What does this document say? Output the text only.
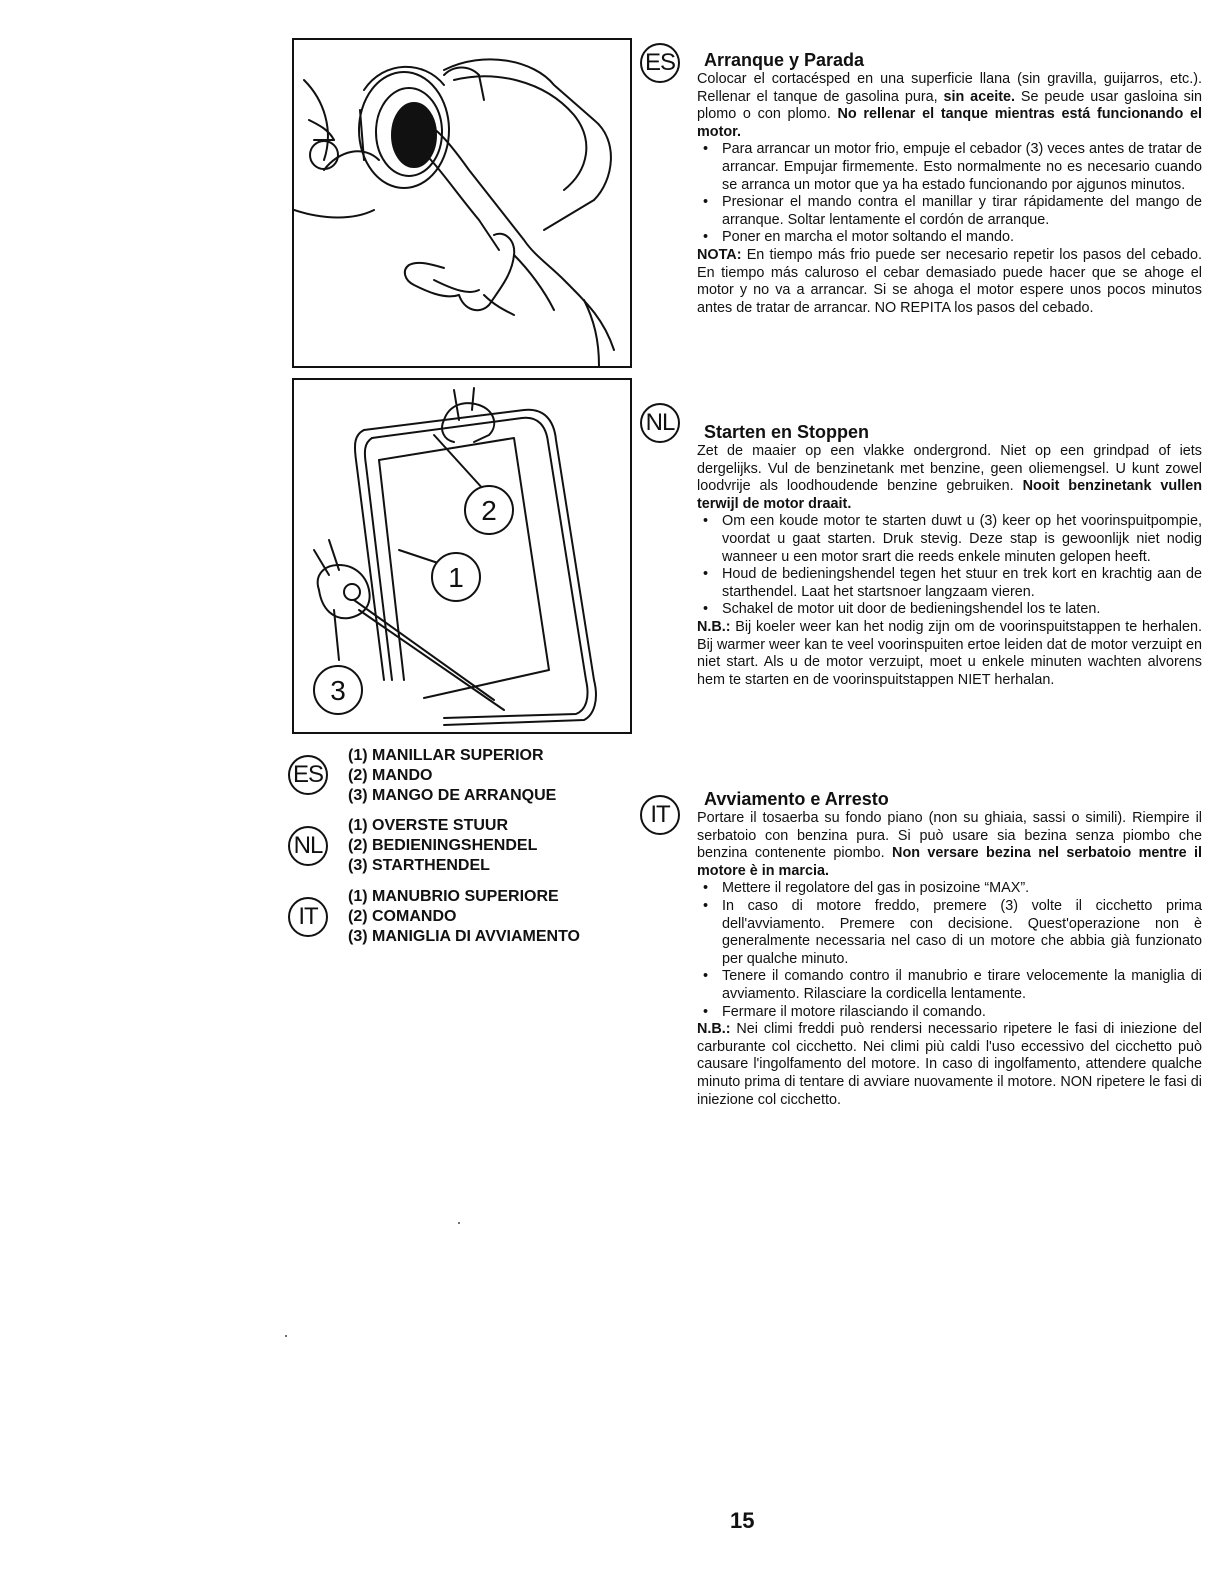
2
1
3
ES
(1) MANILLAR SUPERIOR
(2) MANDO
(3) MANGO DE ARRANQUE
NL
(1) OVERSTE STUUR
(2) BEDIENINGSHENDEL
(3) STARTHENDEL
IT
(1) MANUBRIO SUPERIORE
(2) COMANDO
(3) MANIGLIA DI AVVIAMENTO
ES
NL
IT
Arranque y Parada

Colocar el cortacésped en una superficie llana (sin gravilla, guijarros, etc.). Rellenar el tanque de gasolina pura, sin aceite. Se peude usar gasloina sin plomo o con plomo. No rellenar el tanque mientras está funcionando el motor.

• Para arrancar un motor frio, empuje el cebador (3) veces antes de tratar de arrancar. Empujar firmemente. Esto normalmente no es necesario cuando se arranca un motor que ya ha estado funcionando por ajgunos minutos.
• Presionar el mando contra el manillar y tirar rápidamente del mango de arranque. Soltar lentamente el cordón de arranque.
• Poner en marcha el motor soltando el mando.

NOTA: En tiempo más frio puede ser necesario repetir los pasos del cebado. En tiempo más caluroso el cebar demasiado puede hacer que se ahoge el motor y no va a arrancar. Si se ahoga el motor espere unos pocos minutos antes de tratar de arrancar. NO REPITA los pasos del cebado.

Starten en Stoppen

Zet de maaier op een vlakke ondergrond. Niet op een grindpad of iets dergelijks. Vul de benzinetank met benzine, geen oliemengsel. U kunt zowel loodvrije als loodhoudende benzine gebruiken. Nooit benzinetank vullen terwijl de motor draait.

• Om een koude motor te starten duwt u (3) keer op het voorinspuitpompie, voordat u gaat starten. Druk stevig. Deze stap is gewoonlijk niet nodig wanneer u een motor srart die reeds enkele minuten gelopen heeft.
• Houd de bedieningshendel tegen het stuur en trek kort en krachtig aan de starthendel. Laat het startsnoer langzaam vieren.
• Schakel de motor uit door de bedieningshendel los te laten.

N.B.: Bij koeler weer kan het nodig zijn om de voorinspuitstappen te herhalen. Bij warmer weer kan te veel voorinspuiten ertoe leiden dat de motor verzuipt en niet start. Als u de motor verzuipt, moet u enkele minuten wachten alvorens hem te starten en de voorinspuitstappen NIET herhalan.

Avviamento e Arresto

Portare il tosaerba su fondo piano (non su ghiaia, sassi o simili). Riempire il serbatoio con benzina pura. Si può usare sia bezina senza piombo che benzina contenente piombo. Non versare bezina nel serbatoio mentre il motore è in marcia.

• Mettere il regolatore del gas in posizoine “MAX”.
• In caso di motore freddo, premere (3) volte il cicchetto prima dell'avviamento. Premere con decisione. Quest'operazione non è generalmente necessaria nel caso di un motore che abbia già funzionato per qualche minuto.
• Tenere il comando contro il manubrio e tirare velocemente la maniglia di avviamento. Rilasciare la cordicella lentamente.
• Fermare il motore rilasciando il comando.

N.B.: Nei climi freddi può rendersi necessario ripetere le fasi di iniezione del carburante col cicchetto. Nei climi più caldi l'uso eccessivo del cicchetto può causare l'ingolfamento del motore. In caso di ingolfamento, attendere qualche minuto prima di tentare di avviare nuovamente il motore. NON ripetere le fasi di iniezione col cicchetto.

15
